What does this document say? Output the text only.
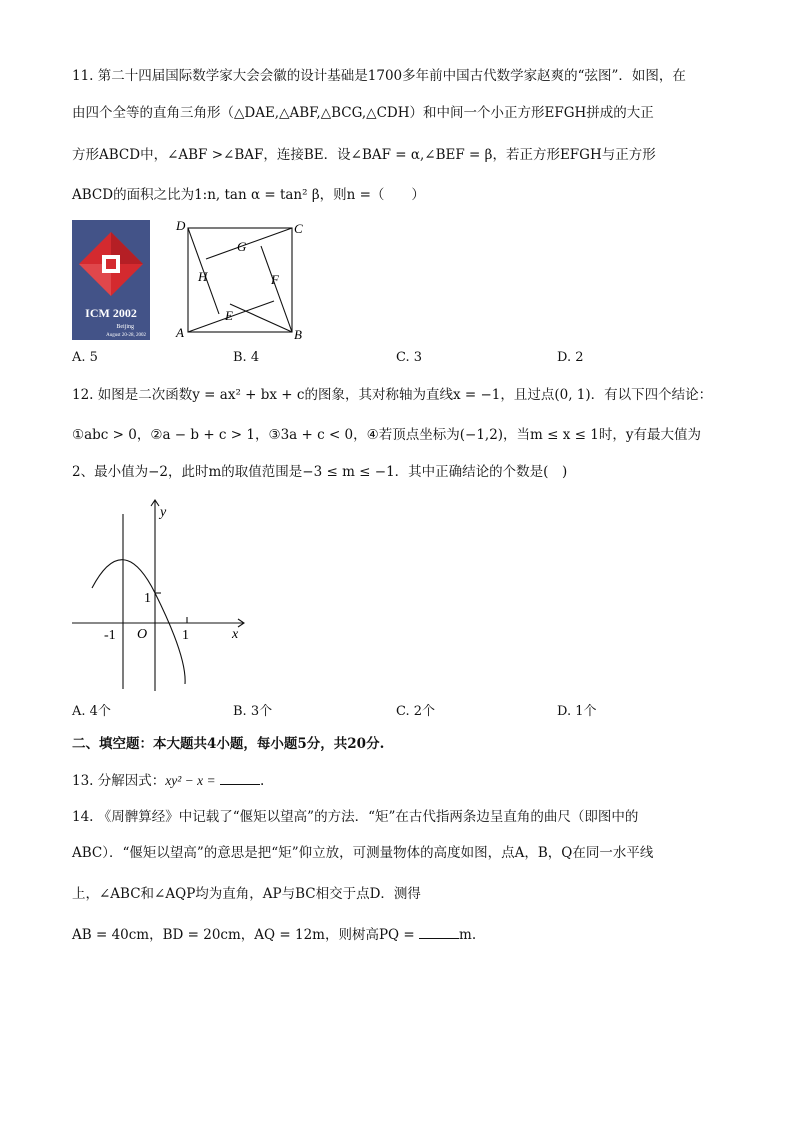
11. 第二十四届国际数学家大会会徽的设计基础是1700多年前中国古代数学家赵爽的“弦图”．如图，在
由四个全等的直角三角形（△DAE,△ABF,△BCG,△CDH）和中间一个小正方形EFGH拼成的大正
方形ABCD中，∠ABF >∠BAF，连接BE．设∠BAF = α,∠BEF = β，若正方形EFGH与正方形
ABCD的面积之比为1:n, tan α = tan² β，则n =（　　）
ICM 2002
Beijing
August 20-28, 2002
D	C
G
H	F
E
A	B
A. 5	B. 4	C. 3	D. 2
12. 如图是二次函数y = ax² + bx + c的图象，其对称轴为直线x = −1，且过点(0, 1)．有以下四个结论：
①abc > 0，②a − b + c > 1，③3a + c < 0，④若顶点坐标为(−1,2)，当m ≤ x ≤ 1时，y有最大值为
2、最小值为−2，此时m的取值范围是−3 ≤ m ≤ −1．其中正确结论的个数是(　)
y
1
-1 O 1	x
A. 4个	B. 3个	C. 2个	D. 1个
二、填空题：本大题共4小题，每小题5分，共20分.
13. 分解因式：xy² − x =	.
14. 《周髀算经》中记载了“偃矩以望高”的方法．“矩”在古代指两条边呈直角的曲尺（即图中的
ABC）．“偃矩以望高”的意思是把“矩”仰立放，可测量物体的高度如图，点A，B，Q在同一水平线
上，∠ABC和∠AQP均为直角，AP与BC相交于点D．测得
AB = 40cm，BD = 20cm，AQ = 12m，则树高PQ =	m.
